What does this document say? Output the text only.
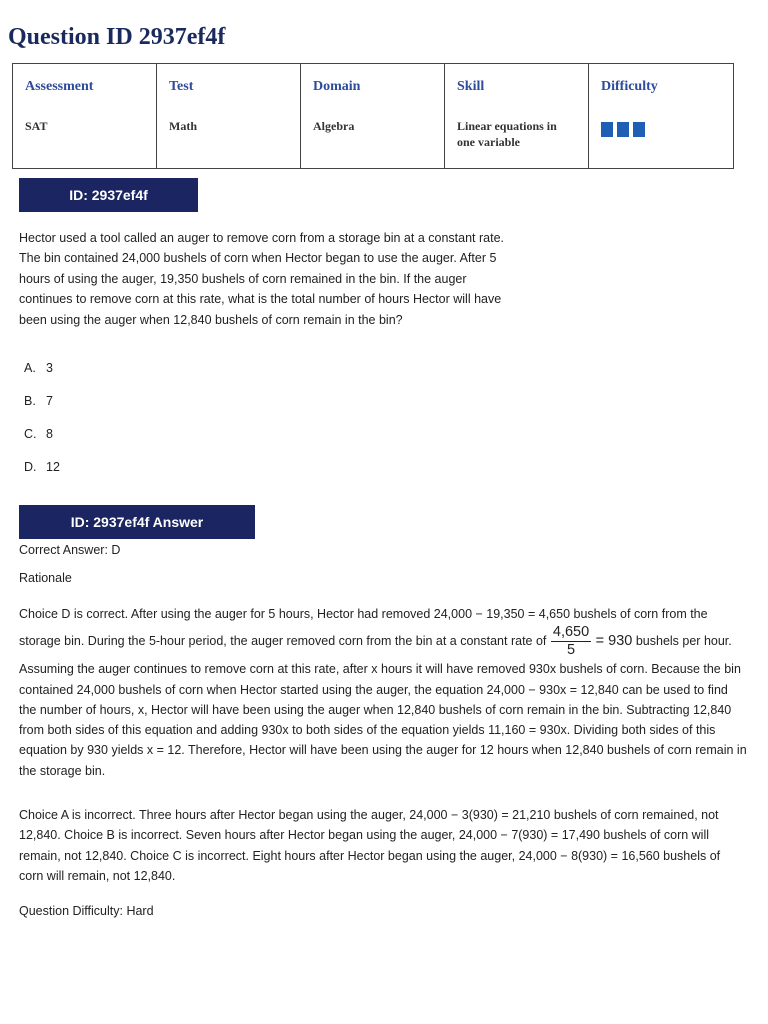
Question ID 2937ef4f
Assessment
SAT

Test
Math

Domain
Algebra

Skill
Linear equations in one variable

Difficulty
ID: 2937ef4f

Hector used a tool called an auger to remove corn from a storage bin at a constant rate. The bin contained 24,000 bushels of corn when Hector began to use the auger. After 5 hours of using the auger, 19,350 bushels of corn remained in the bin. If the auger continues to remove corn at this rate, what is the total number of hours Hector will have been using the auger when 12,840 bushels of corn remain in the bin?

A. 3
B. 7
C. 8
D. 12
ID: 2937ef4f Answer

Correct Answer: D

Rationale

Choice D is correct. After using the auger for 5 hours, Hector had removed 24,000 − 19,350 = 4,650 bushels of corn from the storage bin. During the 5-hour period, the auger removed corn from the bin at a constant rate of $\frac{4,650}{5} = 930$ bushels per hour. Assuming the auger continues to remove corn at this rate, after x hours it will have removed 930x bushels of corn. Because the bin contained 24,000 bushels of corn when Hector started using the auger, the equation 24,000 − 930x = 12,840 can be used to find the number of hours, x, Hector will have been using the auger when 12,840 bushels of corn remain in the bin. Subtracting 12,840 from both sides of this equation and adding 930x to both sides of the equation yields 11,160 = 930x. Dividing both sides of this equation by 930 yields x = 12. Therefore, Hector will have been using the auger for 12 hours when 12,840 bushels of corn remain in the storage bin.

Choice A is incorrect. Three hours after Hector began using the auger, 24,000 − 3(930) = 21,210 bushels of corn remained, not 12,840. Choice B is incorrect. Seven hours after Hector began using the auger, 24,000 − 7(930) = 17,490 bushels of corn will remain, not 12,840. Choice C is incorrect. Eight hours after Hector began using the auger, 24,000 − 8(930) = 16,560 bushels of corn will remain, not 12,840.

Question Difficulty: Hard
